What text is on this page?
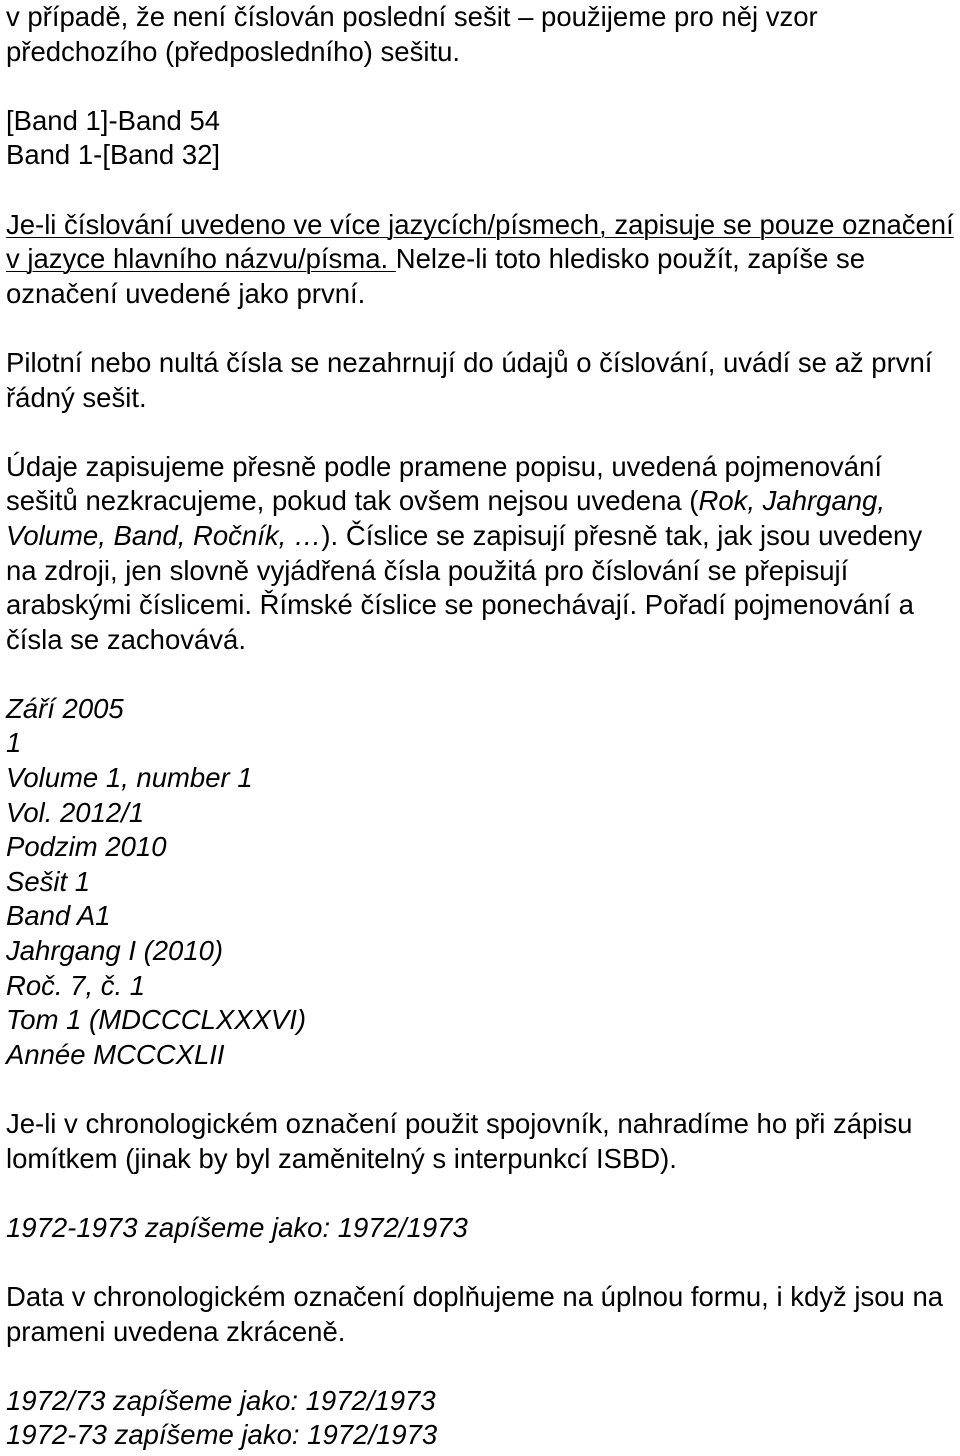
v případě, že není číslován poslední sešit – použijeme pro něj vzor předchozího (předposledního) sešitu.

[Band 1]-Band 54
Band 1-[Band 32]

Je-li číslování uvedeno ve více jazycích/písmech, zapisuje se pouze označení v jazyce hlavního názvu/písma. Nelze-li toto hledisko použít, zapíše se označení uvedené jako první.

Pilotní nebo nultá čísla se nezahrnují do údajů o číslování, uvádí se až první řádný sešit.

Údaje zapisujeme přesně podle pramene popisu, uvedená pojmenování sešitů nezkracujeme, pokud tak ovšem nejsou uvedena (Rok, Jahrgang, Volume, Band, Ročník, …). Číslice se zapisují přesně tak, jak jsou uvedeny na zdroji, jen slovně vyjádřená čísla použitá pro číslování se přepisují arabskými číslicemi. Římské číslice se ponechávají. Pořadí pojmenování a čísla se zachovává.

Září 2005
1
Volume 1, number 1
Vol. 2012/1
Podzim 2010
Sešit 1
Band A1
Jahrgang I (2010)
Roč. 7, č. 1
Tom 1 (MDCCCLXXXVI)
Année MCCCXLII

Je-li v chronologickém označení použit spojovník, nahradíme ho při zápisu lomítkem (jinak by byl zaměnitelný s interpunkcí ISBD).

1972-1973 zapíšeme jako: 1972/1973

Data v chronologickém označení doplňujeme na úplnou formu, i když jsou na prameni uvedena zkráceně.

1972/73 zapíšeme jako: 1972/1973
1972-73 zapíšeme jako: 1972/1973
